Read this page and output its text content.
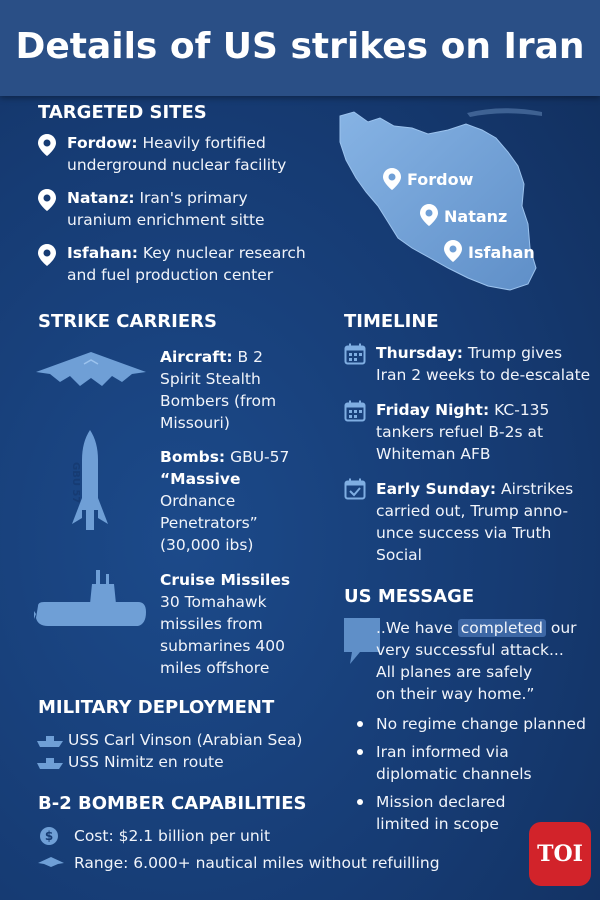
Details of US strikes on Iran
TARGETED SITES
Fordow: Heavily fortified
underground nuclear facility
Natanz: Iran's primary
uranium enrichment sitte
Isfahan: Key nuclear research
and fuel production center
Fordow
Natanz
Isfahan
STRIKE CARRIERS
Aircraft: B 2
Spirit Stealth
Bombers (from
Missouri)
GBU 57
Bombs: GBU-57
“Massive
Ordnance
Penetrators”
(30,000 ibs)
Cruise Missiles
30 Tomahawk
missiles from
submarines 400
miles offshore
TIMELINE
Thursday: Trump gives
Iran 2 weeks to de-escalate
Friday Night: KC-135
tankers refuel B-2s at
Whiteman AFB
Early Sunday: Airstrikes
carried out, Trump anno-
unce success via Truth
Social
US MESSAGE
..We have completed our
very successful attack...
All planes are safely
on their way home.”
No regime change planned
Iran informed via
diplomatic channels
Mission declared
limited in scope
MILITARY DEPLOYMENT
USS Carl Vinson (Arabian Sea)
USS Nimitz en route
B-2 BOMBER CAPABILITIES
$	Cost: $2.1 billion per unit
Range: 6.000+ nautical miles without refuilling	TOI
